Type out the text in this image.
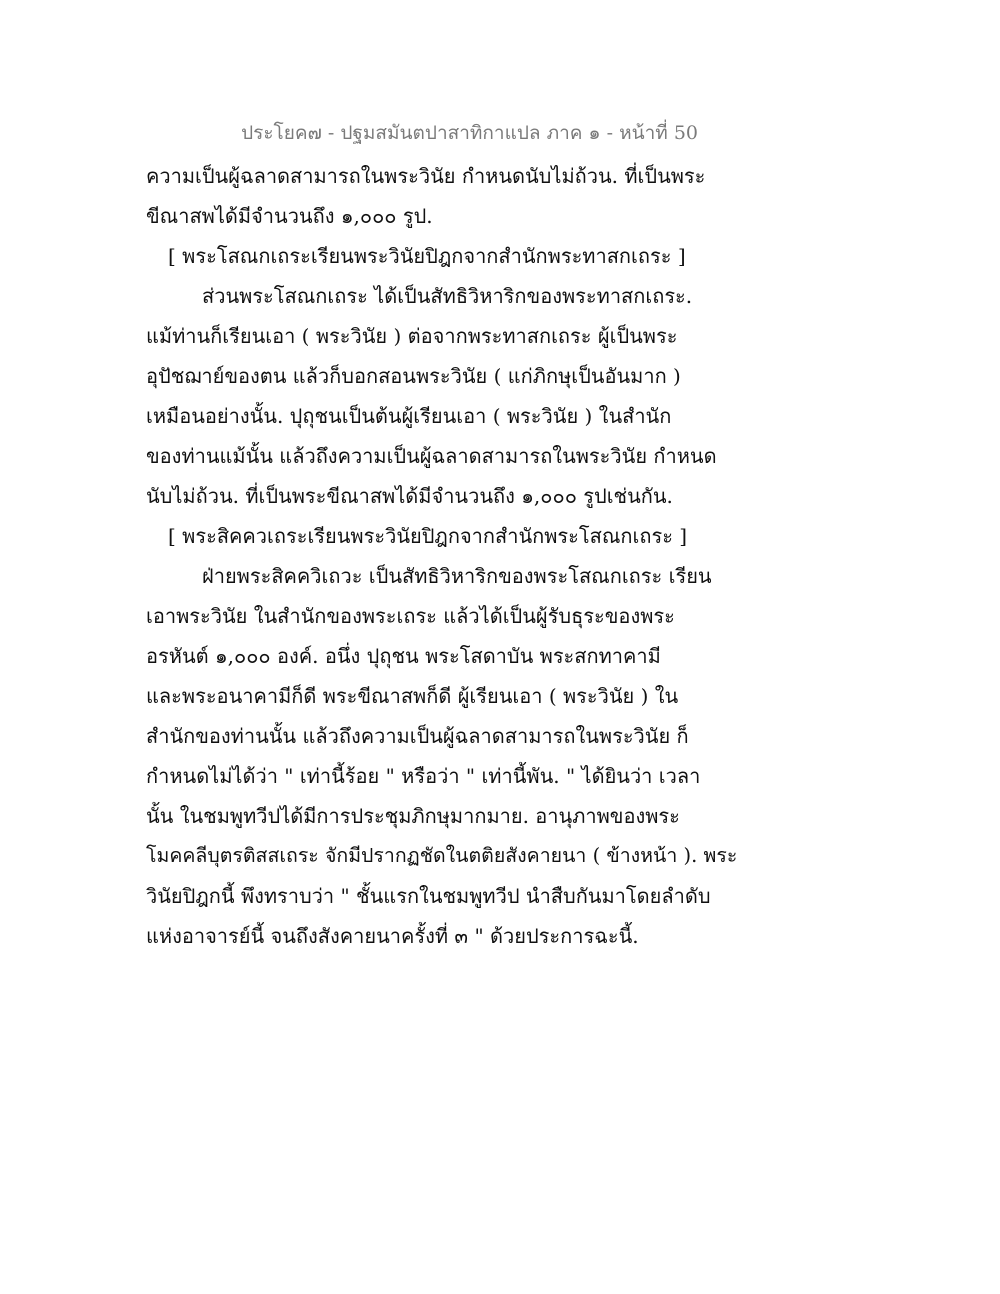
ประโยค๗ - ปฐมสมันตปาสาทิกาแปล ภาค ๑ - หน้าที่ 50
ความเป็นผู้ฉลาดสามารถในพระวินัย กำหนดนับไม่ถ้วน. ที่เป็นพระ
ขีณาสพได้มีจำนวนถึง ๑,๐๐๐ รูป.
[ พระโสณกเถระเรียนพระวินัยปิฎกจากสำนักพระทาสกเถระ ]
ส่วนพระโสณกเถระ ได้เป็นสัทธิวิหาริกของพระทาสกเถระ.
แม้ท่านก็เรียนเอา ( พระวินัย ) ต่อจากพระทาสกเถระ ผู้เป็นพระ
อุปัชฌาย์ของตน แล้วก็บอกสอนพระวินัย ( แก่ภิกษุเป็นอันมาก )
เหมือนอย่างนั้น. ปุถุชนเป็นต้นผู้เรียนเอา ( พระวินัย ) ในสำนัก
ของท่านแม้นั้น แล้วถึงความเป็นผู้ฉลาดสามารถในพระวินัย กำหนด
นับไม่ถ้วน. ที่เป็นพระขีณาสพได้มีจำนวนถึง ๑,๐๐๐ รูปเช่นกัน.
[ พระสิคควเถระเรียนพระวินัยปิฎกจากสำนักพระโสณกเถระ ]
ฝ่ายพระสิคควิเถวะ เป็นสัทธิวิหาริกของพระโสณกเถระ เรียน
เอาพระวินัย ในสำนักของพระเถระ แล้วได้เป็นผู้รับธุระของพระ
อรหันต์ ๑,๐๐๐ องค์. อนึ่ง ปุถุชน พระโสดาบัน พระสกทาคามี
และพระอนาคามีก็ดี พระขีณาสพก็ดี ผู้เรียนเอา ( พระวินัย ) ใน
สำนักของท่านนั้น แล้วถึงความเป็นผู้ฉลาดสามารถในพระวินัย ก็
กำหนดไม่ได้ว่า " เท่านี้ร้อย " หรือว่า " เท่านี้พัน. " ได้ยินว่า เวลา
นั้น ในชมพูทวีปได้มีการประชุมภิกษุมากมาย. อานุภาพของพระ
โมคคลีบุตรติสสเถระ จักมีปรากฏชัดในตติยสังคายนา ( ข้างหน้า ). พระ
วินัยปิฎกนี้ พึงทราบว่า " ชั้นแรกในชมพูทวีป นำสืบกันมาโดยลำดับ
แห่งอาจารย์นี้ จนถึงสังคายนาครั้งที่ ๓ " ด้วยประการฉะนี้.
